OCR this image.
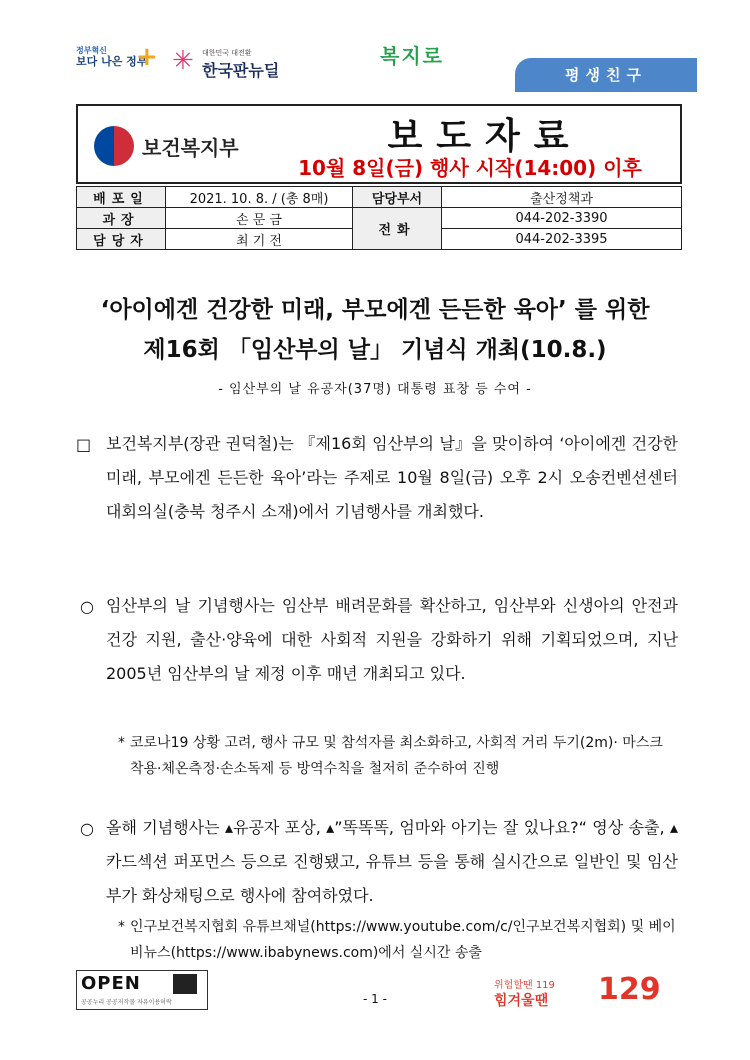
정부혁신
보다 나은 정부
+ ✳ 대한민국 대전환
한국판뉴딜
복지로
평생친구
보건복지부	보도자료
10월 8일(금) 행사 시작(14:00) 이후
배포일	2021. 10. 8. / (총 8매)	담당부서	출산정책과
과장	손 문 금	전화	044-202-3390
담당자	최 기 전		044-202-3395
‘아이에겐 건강한 미래, 부모에겐 든든한 육아’ 를 위한
제16회 「임산부의 날」 기념식 개최(10.8.)
- 임산부의 날 유공자(37명) 대통령 표창 등 수여 -
□ 보건복지부(장관 권덕철)는 『제16회 임산부의 날』을 맞이하여 ‘아이에겐 건강한 미래, 부모에겐 든든한 육아’라는 주제로 10월 8일(금) 오후 2시 오송컨벤션센터 대회의실(충북 청주시 소재)에서 기념행사를 개최했다.
○ 임산부의 날 기념행사는 임산부 배려문화를 확산하고, 임산부와 신생아의 안전과 건강 지원, 출산·양육에 대한 사회적 지원을 강화하기 위해 기획되었으며, 지난 2005년 임산부의 날 제정 이후 매년 개최되고 있다.
* 코로나19 상황 고려, 행사 규모 및 참석자를 최소화하고, 사회적 거리 두기(2m)· 마스크 착용·체온측정·손소독제 등 방역수칙을 철저히 준수하여 진행
○ 올해 기념행사는 ▴유공자 포상, ▴”똑똑똑, 엄마와 아기는 잘 있나요?“ 영상 송출, ▴카드섹션 퍼포먼스 등으로 진행됐고, 유튜브 등을 통해 실시간으로 일반인 및 임산부가 화상채팅으로 행사에 참여하였다.
* 인구보건복지협회 유튜브채널(https://www.youtube.com/c/인구보건복지협회) 및 베이비뉴스(https://www.ibabynews.com)에서 실시간 송출
OPEN
공공누리 공공저작물 자유이용허락	- 1 -
위험할땐 119
힘겨울땐 129
